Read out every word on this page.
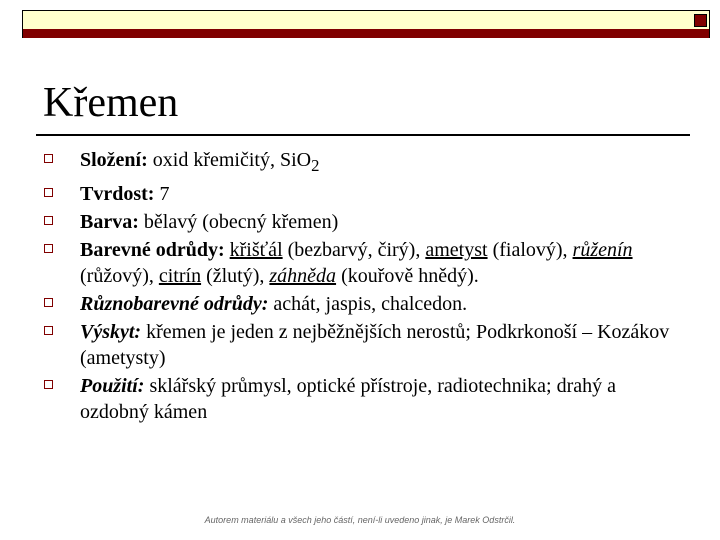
Křemen
Složení: oxid křemičitý, SiO$_2$
Tvrdost: 7
Barva: bělavý (obecný křemen)
Barevné odrůdy: křišťál (bezbarvý, čirý), ametyst (fialový), růženín (růžový), citrín (žlutý), záhněda (kouřově hnědý).
Různobarevné odrůdy: achát, jaspis, chalcedon.
Výskyt: křemen je jeden z nejběžnějších nerostů; Podkrkonoší – Kozákov (ametysty)
Použití: sklářský průmysl, optické přístroje, radiotechnika; drahý a ozdobný kámen
Autorem materiálu a všech jeho částí, není-li uvedeno jinak, je Marek Odstrčil.
